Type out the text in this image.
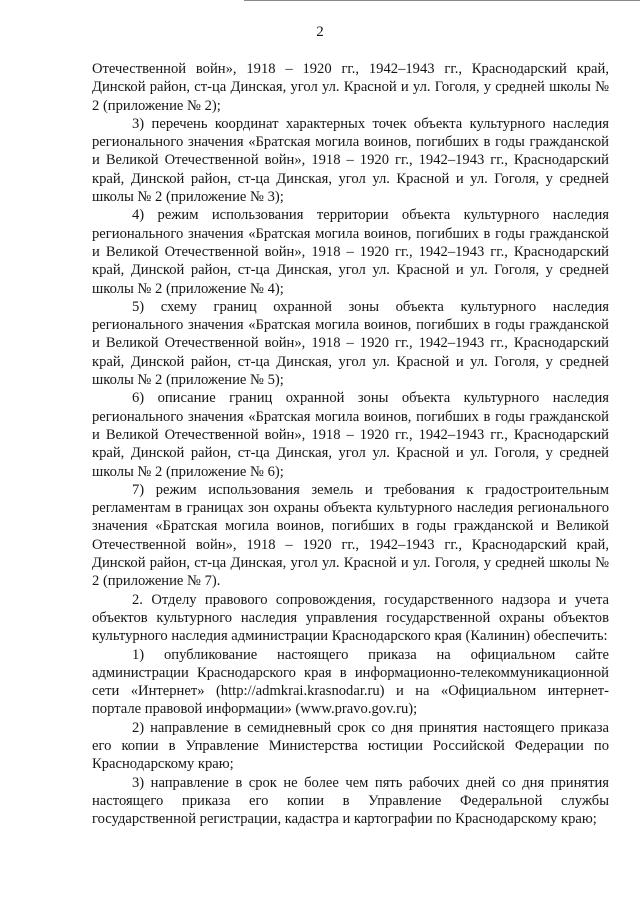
2

Отечественной войн», 1918 – 1920 гг., 1942–1943 гг., Краснодарский край, Динской район, ст-ца Динская, угол ул. Красной и ул. Гоголя, у средней школы № 2 (приложение № 2);

3) перечень координат характерных точек объекта культурного наследия регионального значения «Братская могила воинов, погибших в годы гражданской и Великой Отечественной войн», 1918 – 1920 гг., 1942–1943 гг., Краснодарский край, Динской район, ст-ца Динская, угол ул. Красной и ул. Гоголя, у средней школы № 2 (приложение № 3);

4) режим использования территории объекта культурного наследия регионального значения «Братская могила воинов, погибших в годы гражданской и Великой Отечественной войн», 1918 – 1920 гг., 1942–1943 гг., Краснодарский край, Динской район, ст-ца Динская, угол ул. Красной и ул. Гоголя, у средней школы № 2 (приложение № 4);

5) схему границ охранной зоны объекта культурного наследия регионального значения «Братская могила воинов, погибших в годы гражданской и Великой Отечественной войн», 1918 – 1920 гг., 1942–1943 гг., Краснодарский край, Динской район, ст-ца Динская, угол ул. Красной и ул. Гоголя, у средней школы № 2 (приложение № 5);

6) описание границ охранной зоны объекта культурного наследия регионального значения «Братская могила воинов, погибших в годы гражданской и Великой Отечественной войн», 1918 – 1920 гг., 1942–1943 гг., Краснодарский край, Динской район, ст-ца Динская, угол ул. Красной и ул. Гоголя, у средней школы № 2 (приложение № 6);

7) режим использования земель и требования к градостроительным регламентам в границах зон охраны объекта культурного наследия регионального значения «Братская могила воинов, погибших в годы гражданской и Великой Отечественной войн», 1918 – 1920 гг., 1942–1943 гг., Краснодарский край, Динской район, ст-ца Динская, угол ул. Красной и ул. Гоголя, у средней школы № 2 (приложение № 7).

2. Отделу правового сопровождения, государственного надзора и учета объектов культурного наследия управления государственной охраны объектов культурного наследия администрации Краснодарского края (Калинин) обеспечить:

1) опубликование настоящего приказа на официальном сайте администрации Краснодарского края в информационно-телекоммуникационной сети «Интернет» (http://admkrai.krasnodar.ru) и на «Официальном интернет-портале правовой информации» (www.pravo.gov.ru);

2) направление в семидневный срок со дня принятия настоящего приказа его копии в Управление Министерства юстиции Российской Федерации по Краснодарскому краю;

3) направление в срок не более чем пять рабочих дней со дня принятия настоящего приказа его копии в Управление Федеральной службы государственной регистрации, кадастра и картографии по Краснодарскому краю;
